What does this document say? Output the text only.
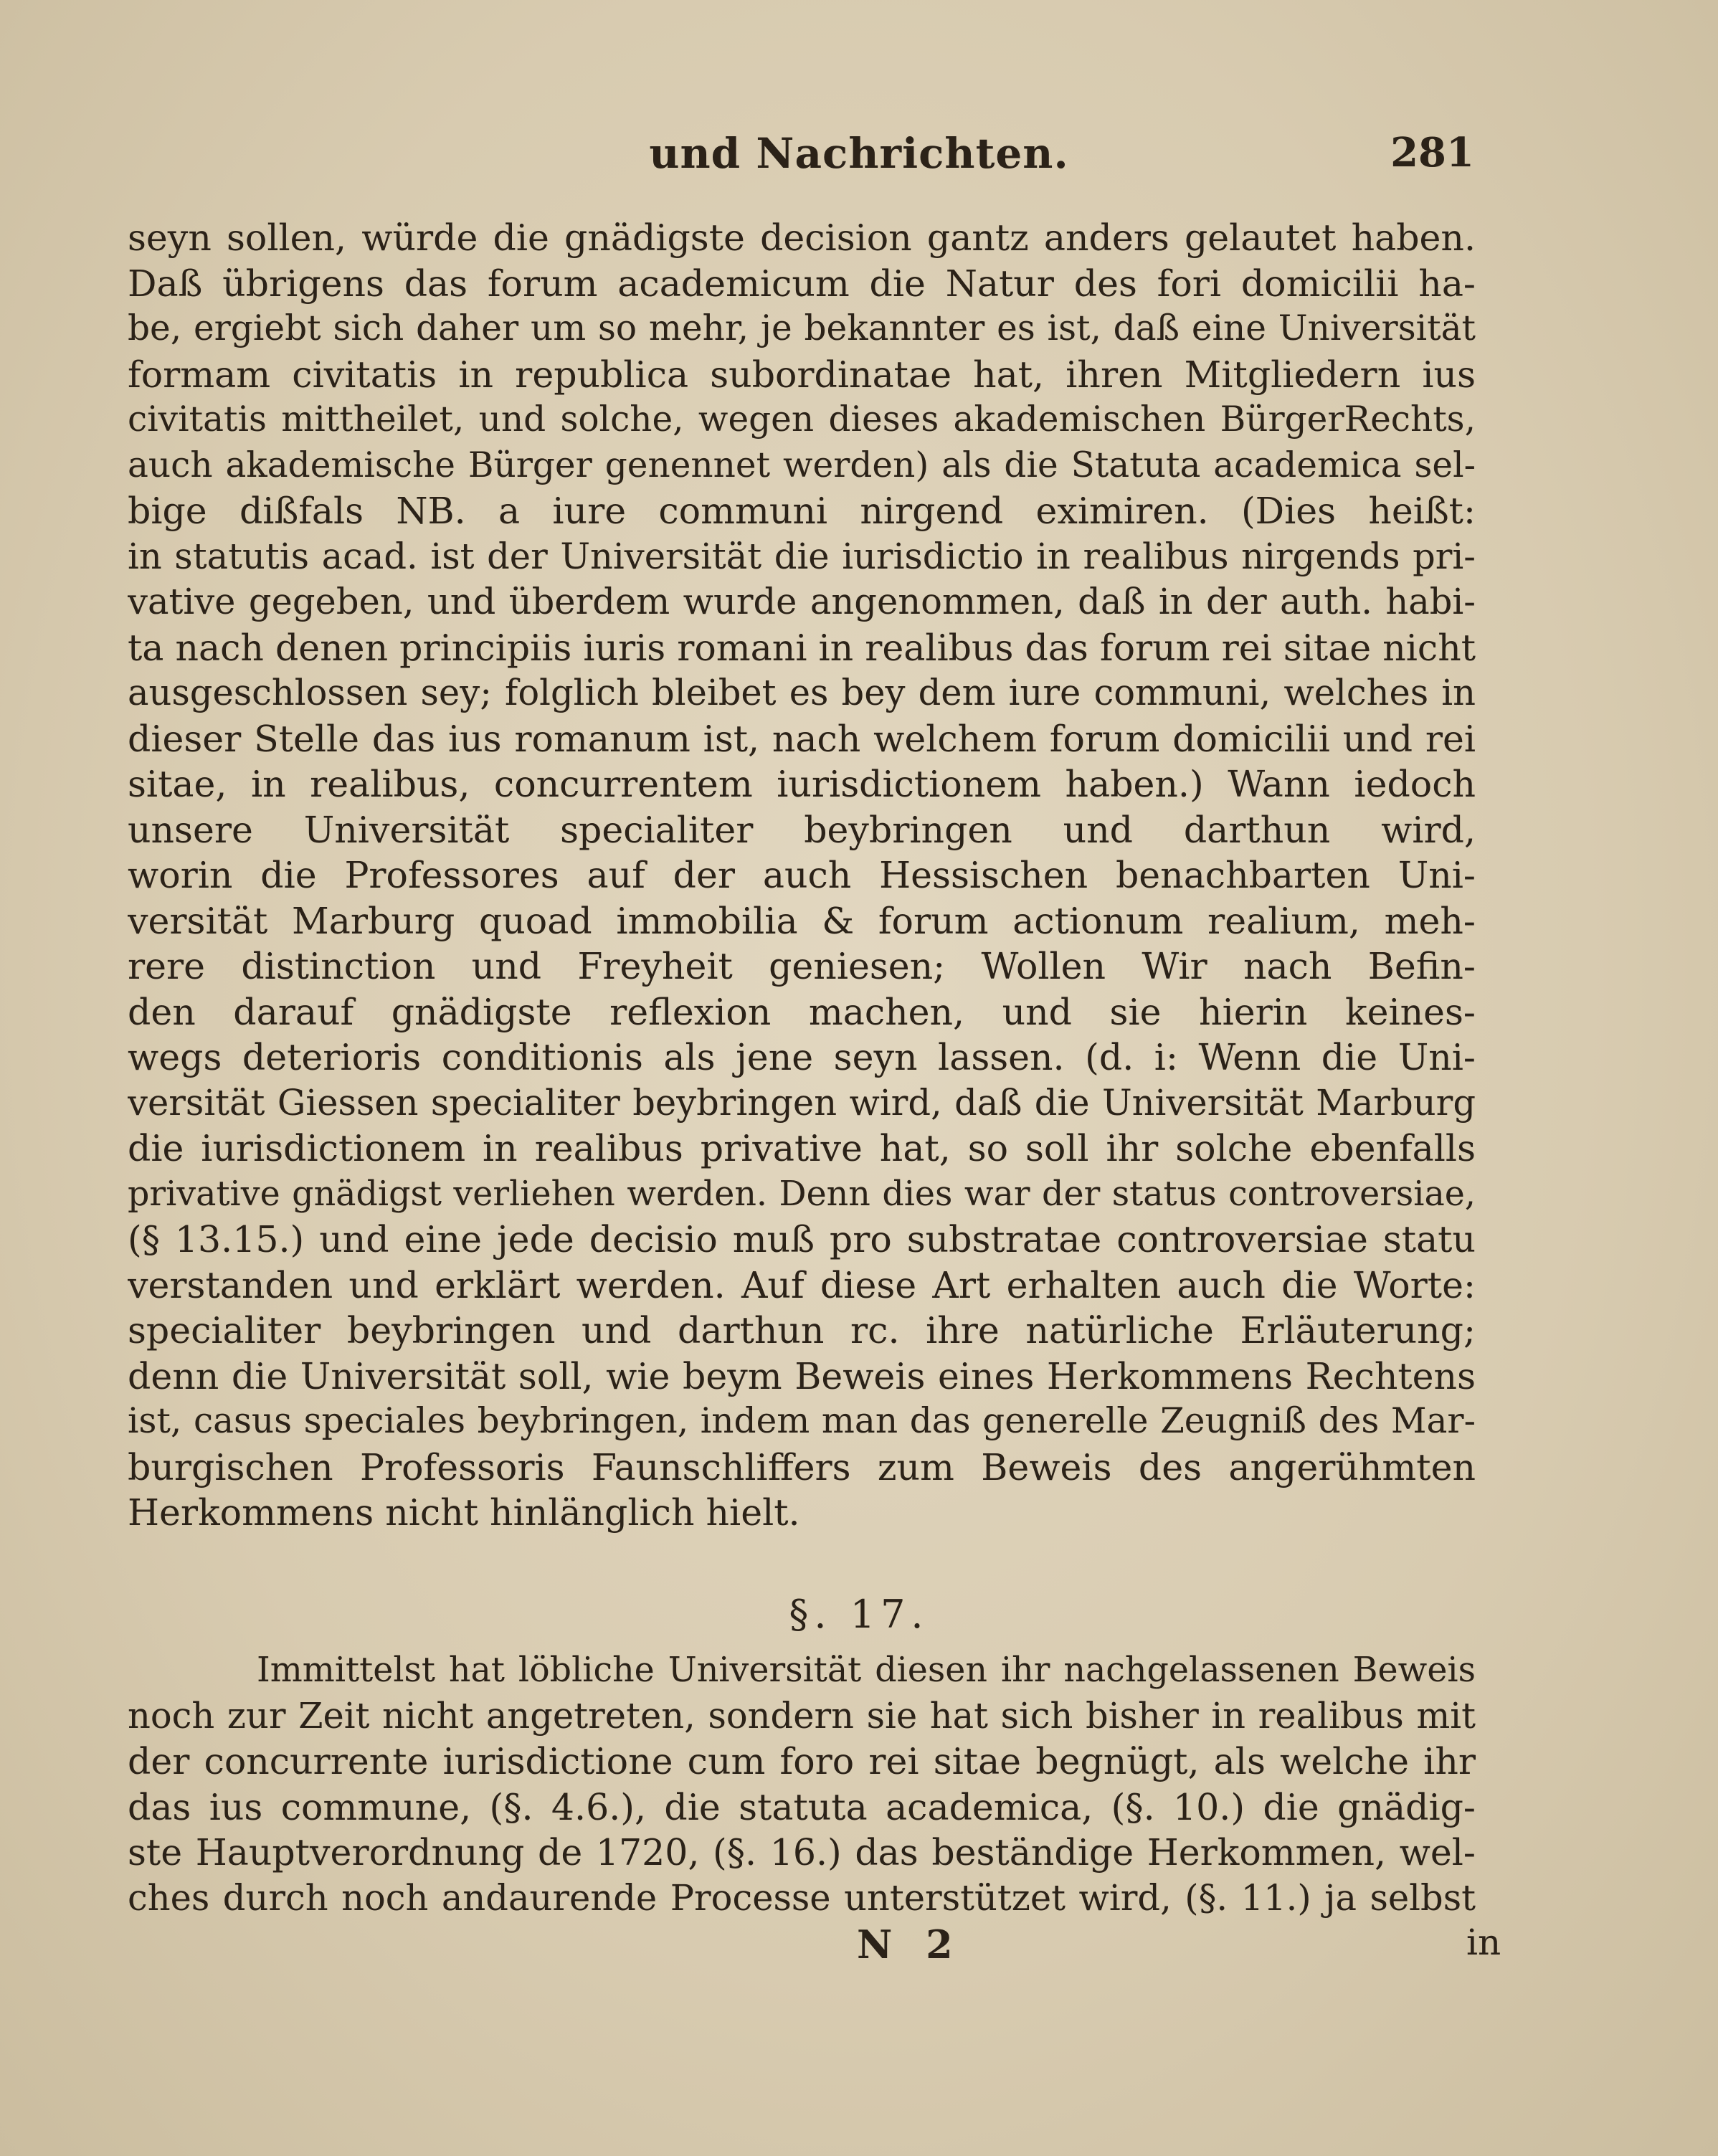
und Nachrichten.	281
seyn sollen, würde die gnädigste decision gantz anders gelautet haben.
Daß übrigens das forum academicum die Natur des fori domicilii ha-
be, ergiebt sich daher um so mehr, je bekannter es ist, daß eine Universität
formam civitatis in republica subordinatae hat, ihren Mitgliedern ius
civitatis mittheilet, und solche, wegen dieses akademischen BürgerRechts,
auch akademische Bürger genennet werden) als die Statuta academica sel-
bige dißfals NB. a iure communi nirgend eximiren. (Dies heißt:
in statutis acad. ist der Universität die iurisdictio in realibus nirgends pri-
vative gegeben, und überdem wurde angenommen, daß in der auth. habi-
ta nach denen principiis iuris romani in realibus das forum rei sitae nicht
ausgeschlossen sey; folglich bleibet es bey dem iure communi, welches in
dieser Stelle das ius romanum ist, nach welchem forum domicilii und rei
sitae, in realibus, concurrentem iurisdictionem haben.) Wann iedoch
unsere Universität specialiter beybringen und darthun wird,
worin die Professores auf der auch Hessischen benachbarten Uni-
versität Marburg quoad immobilia & forum actionum realium, meh-
rere distinction und Freyheit geniesen; Wollen Wir nach Befin-
den darauf gnädigste reflexion machen, und sie hierin keines-
wegs deterioris conditionis als jene seyn lassen. (d. i: Wenn die Uni-
versität Giessen specialiter beybringen wird, daß die Universität Marburg
die iurisdictionem in realibus privative hat, so soll ihr solche ebenfalls
privative gnädigst verliehen werden. Denn dies war der status controversiae,
(§ 13.15.) und eine jede decisio muß pro substratae controversiae statu
verstanden und erklärt werden. Auf diese Art erhalten auch die Worte:
specialiter beybringen und darthun rc. ihre natürliche Erläuterung;
denn die Universität soll, wie beym Beweis eines Herkommens Rechtens
ist, casus speciales beybringen, indem man das generelle Zeugniß des Mar-
burgischen Professoris Faunschliffers zum Beweis des angerühmten
Herkommens nicht hinlänglich hielt.
§. 17.
Immittelst hat löbliche Universität diesen ihr nachgelassenen Beweis
noch zur Zeit nicht angetreten, sondern sie hat sich bisher in realibus mit
der concurrente iurisdictione cum foro rei sitae begnügt, als welche ihr
das ius commune, (§. 4.6.), die statuta academica, (§. 10.) die gnädig-
ste Hauptverordnung de 1720, (§. 16.) das beständige Herkommen, wel-
ches durch noch andaurende Processe unterstützet wird, (§. 11.) ja selbst
N 2	in
